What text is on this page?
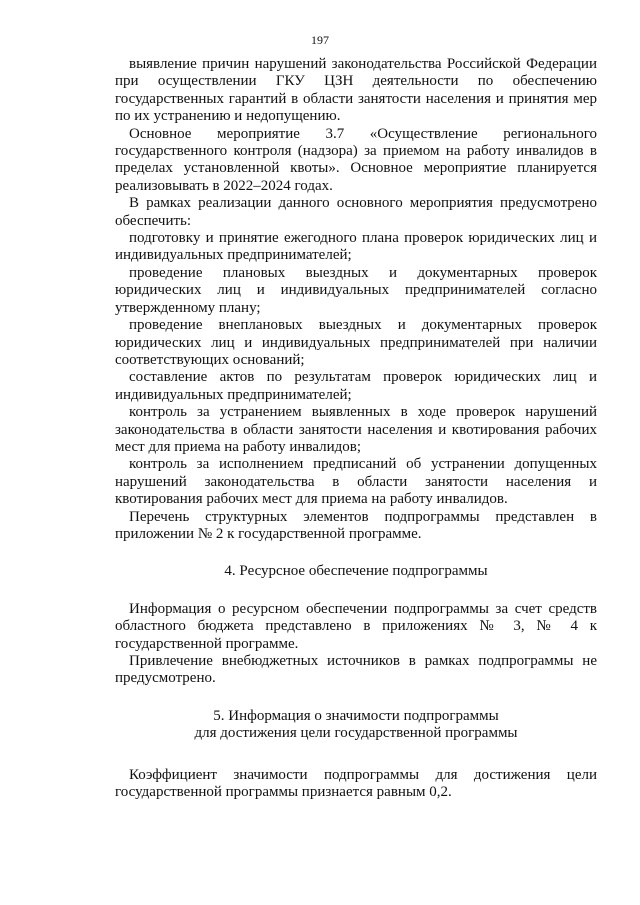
197

выявление причин нарушений законодательства Российской Федерации при осуществлении ГКУ ЦЗН деятельности по обеспечению государственных гарантий в области занятости населения и принятия мер по их устранению и недопущению.

Основное мероприятие 3.7 «Осуществление регионального государственного контроля (надзора) за приемом на работу инвалидов в пределах установленной квоты». Основное мероприятие планируется реализовывать в 2022–2024 годах.

В рамках реализации данного основного мероприятия предусмотрено обеспечить:

подготовку и принятие ежегодного плана проверок юридических лиц и индивидуальных предпринимателей;

проведение плановых выездных и документарных проверок юридических лиц и индивидуальных предпринимателей согласно утвержденному плану;

проведение внеплановых выездных и документарных проверок юридических лиц и индивидуальных предпринимателей при наличии соответствующих оснований;

составление актов по результатам проверок юридических лиц и индивидуальных предпринимателей;

контроль за устранением выявленных в ходе проверок нарушений законодательства в области занятости населения и квотирования рабочих мест для приема на работу инвалидов;

контроль за исполнением предписаний об устранении допущенных нарушений законодательства в области занятости населения и квотирования рабочих мест для приема на работу инвалидов.

Перечень структурных элементов подпрограммы представлен в приложении № 2 к государственной программе.

4. Ресурсное обеспечение подпрограммы

Информация о ресурсном обеспечении подпрограммы за счет средств областного бюджета представлено в приложениях № 3, № 4 к государственной программе.

Привлечение внебюджетных источников в рамках подпрограммы не предусмотрено.

5. Информация о значимости подпрограммы
для достижения цели государственной программы

Коэффициент значимости подпрограммы для достижения цели государственной программы признается равным 0,2.
